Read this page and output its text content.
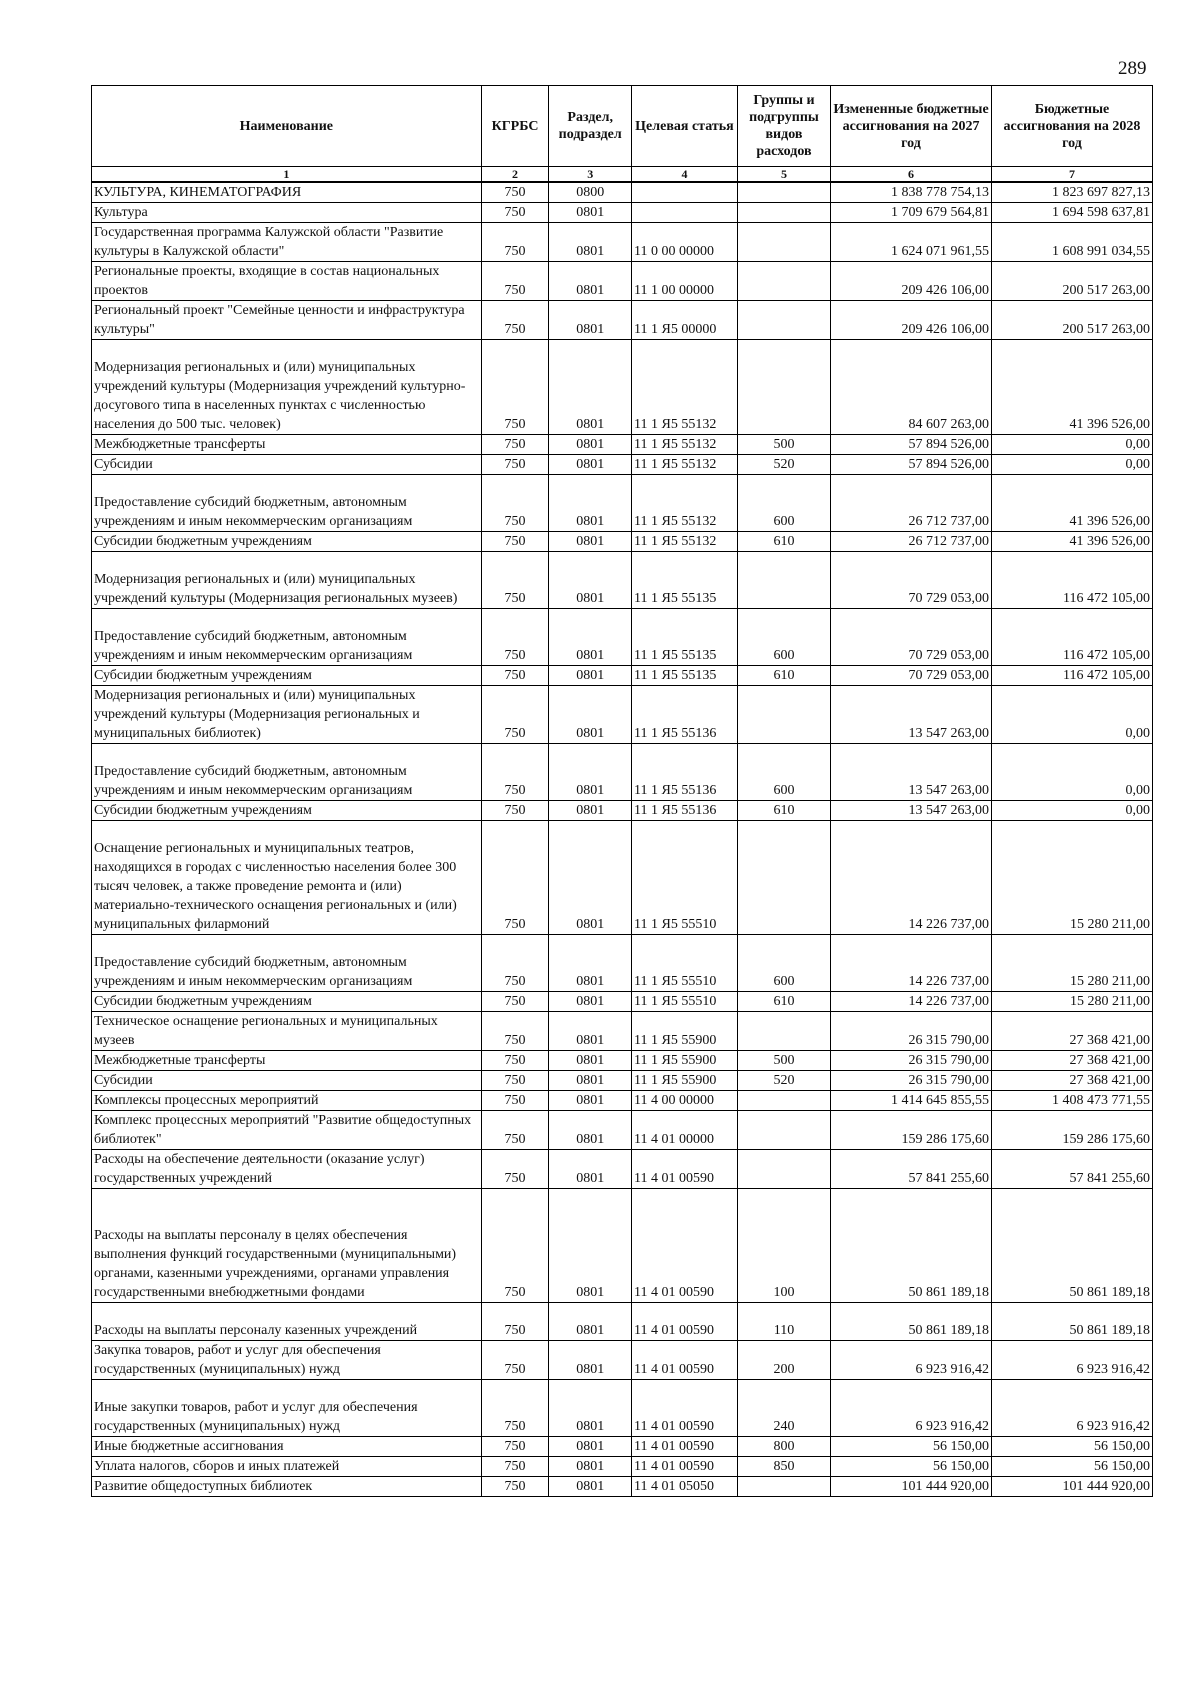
289
Наименование	КГРБС	Раздел, подраздел	Целевая статья	Группы и подгруппы видов расходов	Измененные бюджетные ассигнования на 2027 год	Бюджетные ассигнования на 2028 год
1	2	3	4	5	6	7
КУЛЬТУРА, КИНЕМАТОГРАФИЯ	750	0800			1 838 778 754,13	1 823 697 827,13
Культура	750	0801			1 709 679 564,81	1 694 598 637,81
Государственная программа Калужской области "Развитие культуры в Калужской области"	750	0801	11 0 00 00000		1 624 071 961,55	1 608 991 034,55
Региональные проекты, входящие в состав национальных проектов	750	0801	11 1 00 00000		209 426 106,00	200 517 263,00
Региональный проект "Семейные ценности и инфраструктура культуры"	750	0801	11 1 Я5 00000		209 426 106,00	200 517 263,00
Модернизация региональных и (или) муниципальных учреждений культуры (Модернизация учреждений культурно-досугового типа в населенных пунктах с численностью населения до 500 тыс. человек)	750	0801	11 1 Я5 55132		84 607 263,00	41 396 526,00
Межбюджетные трансферты	750	0801	11 1 Я5 55132	500	57 894 526,00	0,00
Субсидии	750	0801	11 1 Я5 55132	520	57 894 526,00	0,00
Предоставление субсидий бюджетным, автономным учреждениям и иным некоммерческим организациям	750	0801	11 1 Я5 55132	600	26 712 737,00	41 396 526,00
Субсидии бюджетным учреждениям	750	0801	11 1 Я5 55132	610	26 712 737,00	41 396 526,00
Модернизация региональных и (или) муниципальных учреждений культуры (Модернизация региональных музеев)	750	0801	11 1 Я5 55135		70 729 053,00	116 472 105,00
Предоставление субсидий бюджетным, автономным учреждениям и иным некоммерческим организациям	750	0801	11 1 Я5 55135	600	70 729 053,00	116 472 105,00
Субсидии бюджетным учреждениям	750	0801	11 1 Я5 55135	610	70 729 053,00	116 472 105,00
Модернизация региональных и (или) муниципальных учреждений культуры (Модернизация региональных и муниципальных библиотек)	750	0801	11 1 Я5 55136		13 547 263,00	0,00
Предоставление субсидий бюджетным, автономным учреждениям и иным некоммерческим организациям	750	0801	11 1 Я5 55136	600	13 547 263,00	0,00
Субсидии бюджетным учреждениям	750	0801	11 1 Я5 55136	610	13 547 263,00	0,00
Оснащение региональных и муниципальных театров, находящихся в городах с численностью населения более 300 тысяч человек, а также проведение ремонта и (или) материально-технического оснащения региональных и (или) муниципальных филармоний	750	0801	11 1 Я5 55510		14 226 737,00	15 280 211,00
Предоставление субсидий бюджетным, автономным учреждениям и иным некоммерческим организациям	750	0801	11 1 Я5 55510	600	14 226 737,00	15 280 211,00
Субсидии бюджетным учреждениям	750	0801	11 1 Я5 55510	610	14 226 737,00	15 280 211,00
Техническое оснащение региональных и муниципальных музеев	750	0801	11 1 Я5 55900		26 315 790,00	27 368 421,00
Межбюджетные трансферты	750	0801	11 1 Я5 55900	500	26 315 790,00	27 368 421,00
Субсидии	750	0801	11 1 Я5 55900	520	26 315 790,00	27 368 421,00
Комплексы процессных мероприятий	750	0801	11 4 00 00000		1 414 645 855,55	1 408 473 771,55
Комплекс процессных мероприятий "Развитие общедоступных библиотек"	750	0801	11 4 01 00000		159 286 175,60	159 286 175,60
Расходы на обеспечение деятельности (оказание услуг) государственных учреждений	750	0801	11 4 01 00590		57 841 255,60	57 841 255,60
Расходы на выплаты персоналу в целях обеспечения выполнения функций государственными (муниципальными) органами, казенными учреждениями, органами управления государственными внебюджетными фондами	750	0801	11 4 01 00590	100	50 861 189,18	50 861 189,18
Расходы на выплаты персоналу казенных учреждений	750	0801	11 4 01 00590	110	50 861 189,18	50 861 189,18
Закупка товаров, работ и услуг для обеспечения государственных (муниципальных) нужд	750	0801	11 4 01 00590	200	6 923 916,42	6 923 916,42
Иные закупки товаров, работ и услуг для обеспечения государственных (муниципальных) нужд	750	0801	11 4 01 00590	240	6 923 916,42	6 923 916,42
Иные бюджетные ассигнования	750	0801	11 4 01 00590	800	56 150,00	56 150,00
Уплата налогов, сборов и иных платежей	750	0801	11 4 01 00590	850	56 150,00	56 150,00
Развитие общедоступных библиотек	750	0801	11 4 01 05050		101 444 920,00	101 444 920,00
